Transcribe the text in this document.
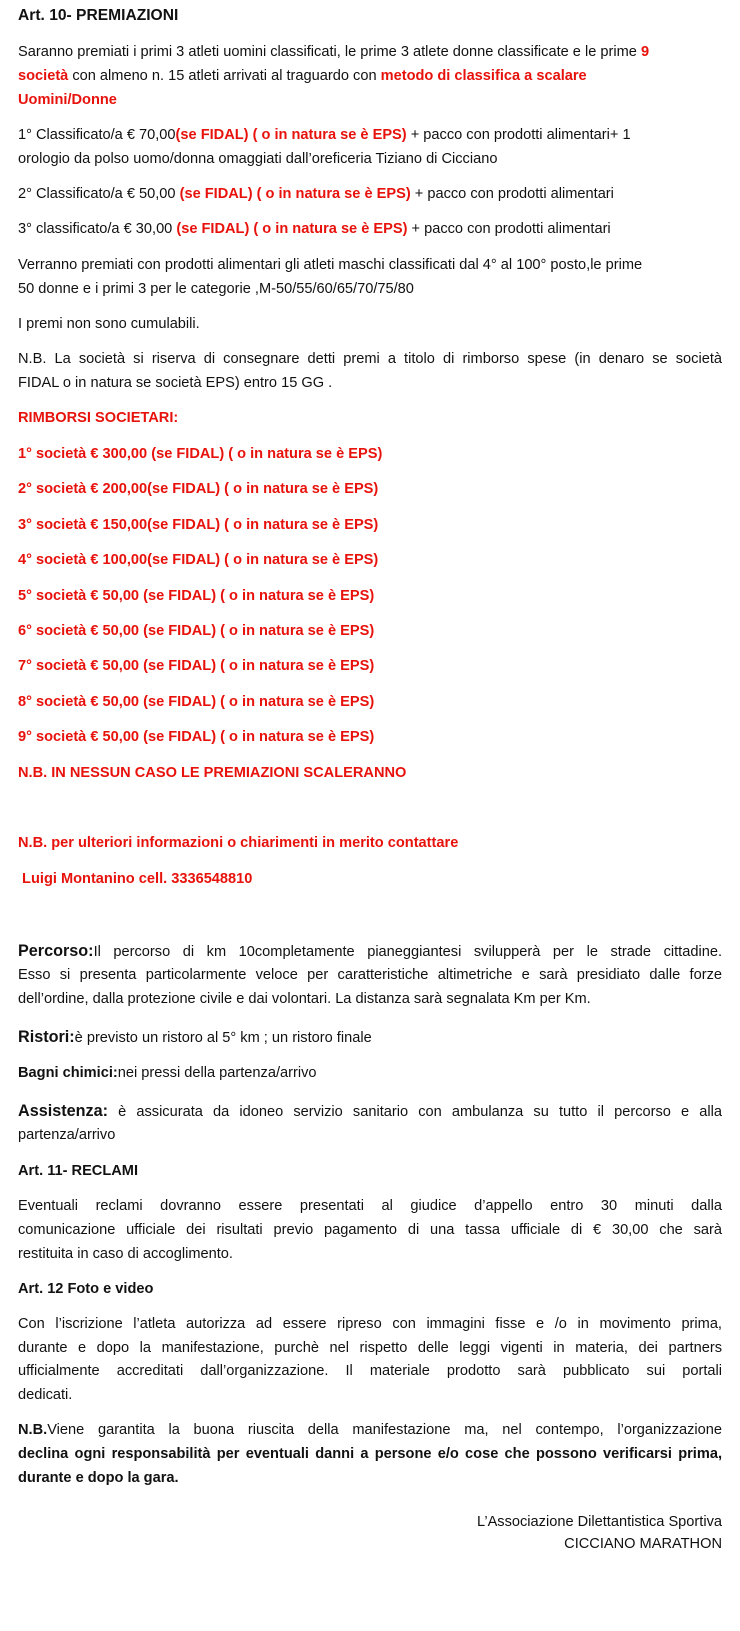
Art. 10- PREMIAZIONI
Saranno premiati i primi 3 atleti uomini classificati, le prime 3 atlete donne classificate e le prime 9
società con almeno n. 15 atleti arrivati al traguardo con metodo di classifica a scalare
Uomini/Donne
1° Classificato/a € 70,00(se FIDAL) ( o in natura se è EPS) + pacco con prodotti alimentari+ 1
orologio da polso uomo/donna omaggiati dall’oreficeria Tiziano di Cicciano
2° Classificato/a € 50,00 (se FIDAL) ( o in natura se è EPS) + pacco con prodotti alimentari
3° classificato/a € 30,00 (se FIDAL) ( o in natura se è EPS) + pacco con prodotti alimentari
Verranno premiati con prodotti alimentari gli atleti maschi classificati dal 4° al 100° posto,le prime
50 donne e i primi 3 per le categorie ,M-50/55/60/65/70/75/80
I premi non sono cumulabili.
N.B. La società si riserva di consegnare detti premi a titolo di rimborso spese (in denaro se società
FIDAL o in natura se società EPS) entro 15 GG .
RIMBORSI SOCIETARI:
1° società € 300,00 (se FIDAL) ( o in natura se è EPS)
2° società € 200,00(se FIDAL) ( o in natura se è EPS)
3° società € 150,00(se FIDAL) ( o in natura se è EPS)
4° società € 100,00(se FIDAL) ( o in natura se è EPS)
5° società € 50,00 (se FIDAL) ( o in natura se è EPS)
6° società € 50,00 (se FIDAL) ( o in natura se è EPS)
7° società € 50,00 (se FIDAL) ( o in natura se è EPS)
8° società € 50,00 (se FIDAL) ( o in natura se è EPS)
9° società € 50,00 (se FIDAL) ( o in natura se è EPS)
N.B. IN NESSUN CASO LE PREMIAZIONI SCALERANNO
N.B. per ulteriori informazioni o chiarimenti in merito contattare
Luigi Montanino cell. 3336548810
Percorso:Il percorso di km 10completamente pianeggiantesi svilupperà per le strade cittadine.
Esso si presenta particolarmente veloce per caratteristiche altimetriche e sarà presidiato dalle forze
dell’ordine, dalla protezione civile e dai volontari. La distanza sarà segnalata Km per Km.
Ristori:è previsto un ristoro al 5° km ; un ristoro finale
Bagni chimici:nei pressi della partenza/arrivo
Assistenza: è assicurata da idoneo servizio sanitario con ambulanza su tutto il percorso e alla
partenza/arrivo
Art. 11- RECLAMI
Eventuali reclami dovranno essere presentati al giudice d’appello entro 30 minuti dalla
comunicazione ufficiale dei risultati previo pagamento di una tassa ufficiale di € 30,00 che sarà
restituita in caso di accoglimento.
Art. 12 Foto e video
Con l’iscrizione l’atleta autorizza ad essere ripreso con immagini fisse e /o in movimento prima,
durante e dopo la manifestazione, purchè nel rispetto delle leggi vigenti in materia, dei partners
ufficialmente accreditati dall’organizzazione. Il materiale prodotto sarà pubblicato sui portali
dedicati.
N.B.Viene garantita la buona riuscita della manifestazione ma, nel contempo, l’organizzazione
declina ogni responsabilità per eventuali danni a persone e/o cose che possono verificarsi prima,
durante e dopo la gara.
L’Associazione Dilettantistica Sportiva
CICCIANO MARATHON
